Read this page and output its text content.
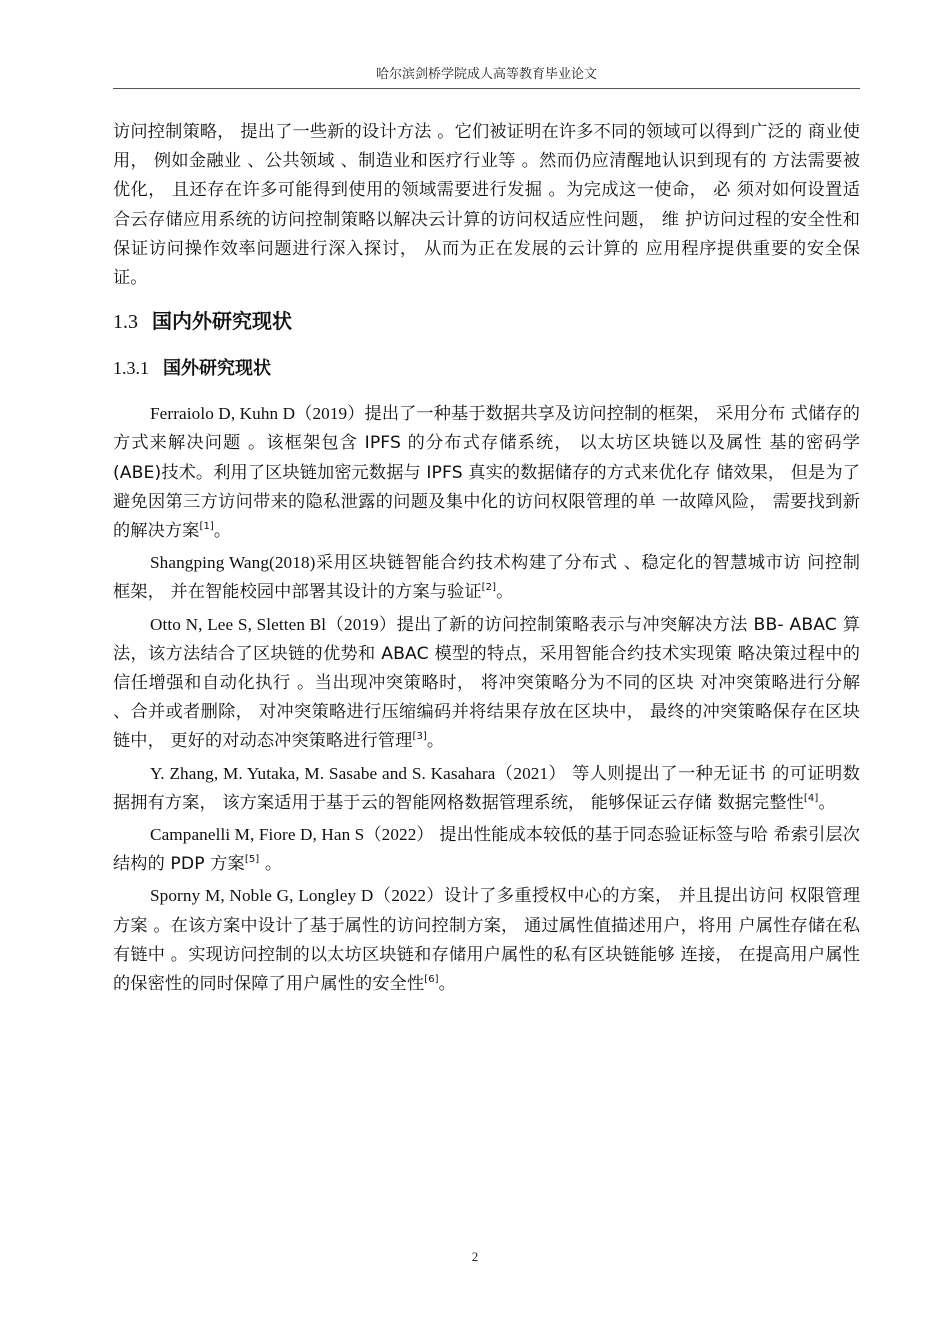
哈尔滨剑桥学院成人高等教育毕业论文

访问控制策略， 提出了一些新的设计方法 。它们被证明在许多不同的领域可以得到广泛的 商业使用， 例如金融业 、公共领域 、制造业和医疗行业等 。然而仍应清醒地认识到现有的 方法需要被优化， 且还存在许多可能得到使用的领域需要进行发掘 。为完成这一使命， 必 须对如何设置适合云存储应用系统的访问控制策略以解决云计算的访问权适应性问题， 维 护访问过程的安全性和保证访问操作效率问题进行深入探讨， 从而为正在发展的云计算的 应用程序提供重要的安全保证。

1.3 国内外研究现状
1.3.1 国外研究现状

Ferraiolo D, Kuhn D（2019）提出了一种基于数据共享及访问控制的框架， 采用分布 式储存的方式来解决问题 。该框架包含 IPFS 的分布式存储系统， 以太坊区块链以及属性 基的密码学(ABE)技术。利用了区块链加密元数据与 IPFS 真实的数据储存的方式来优化存 储效果， 但是为了避免因第三方访问带来的隐私泄露的问题及集中化的访问权限管理的单 一故障风险， 需要找到新的解决方案[1]。

Shangping Wang(2018)采用区块链智能合约技术构建了分布式 、稳定化的智慧城市访 问控制框架， 并在智能校园中部署其设计的方案与验证[2]。

Otto N, Lee S, Sletten Bl（2019）提出了新的访问控制策略表示与冲突解决方法 BB- ABAC 算法，该方法结合了区块链的优势和 ABAC 模型的特点，采用智能合约技术实现策 略决策过程中的信任增强和自动化执行 。当出现冲突策略时， 将冲突策略分为不同的区块 对冲突策略进行分解 、合并或者删除， 对冲突策略进行压缩编码并将结果存放在区块中， 最终的冲突策略保存在区块链中， 更好的对动态冲突策略进行管理[3]。

Y. Zhang, M. Yutaka, M. Sasabe and S. Kasahara（2021） 等人则提出了一种无证书 的可证明数据拥有方案， 该方案适用于基于云的智能网格数据管理系统， 能够保证云存储 数据完整性[4]。

Campanelli M, Fiore D, Han S（2022） 提出性能成本较低的基于同态验证标签与哈 希索引层次结构的 PDP 方案[5] 。

Sporny M, Noble G, Longley D（2022）设计了多重授权中心的方案， 并且提出访问 权限管理方案 。在该方案中设计了基于属性的访问控制方案， 通过属性值描述用户，将用 户属性存储在私有链中 。实现访问控制的以太坊区块链和存储用户属性的私有区块链能够 连接， 在提高用户属性的保密性的同时保障了用户属性的安全性[6]。

2
